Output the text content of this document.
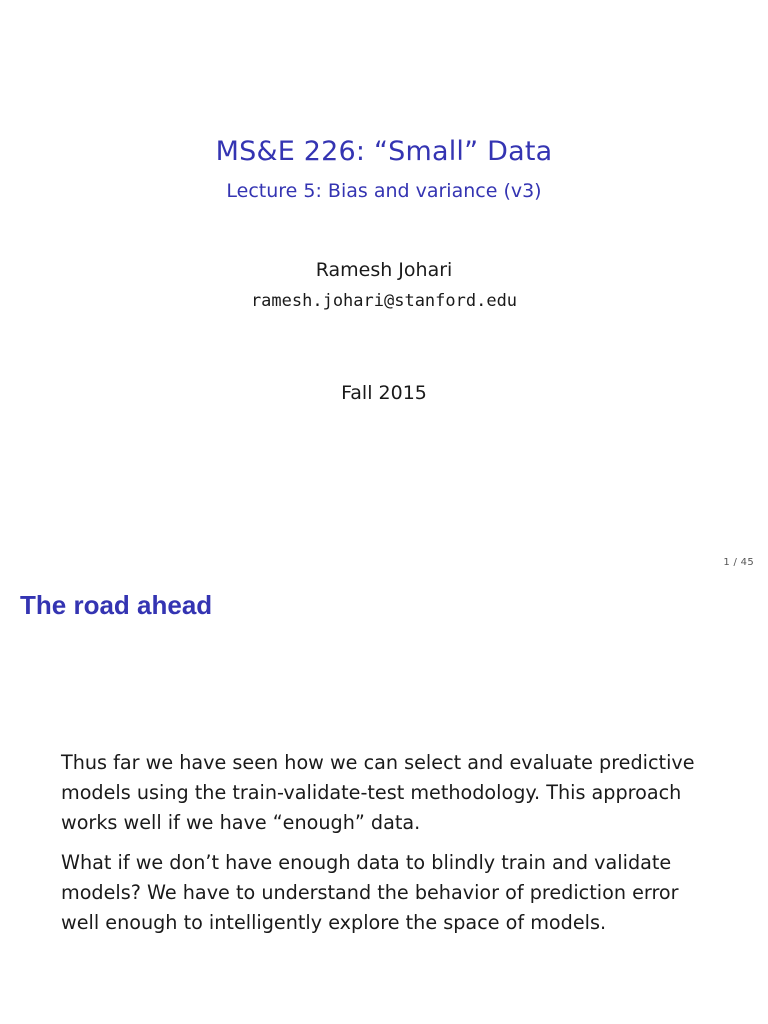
MS&E 226: “Small” Data
Lecture 5: Bias and variance (v3)
Ramesh Johari
ramesh.johari@stanford.edu
Fall 2015
1 / 45
The road ahead

Thus far we have seen how we can select and evaluate predictive
models using the train-validate-test methodology. This approach
works well if we have “enough” data.

What if we don’t have enough data to blindly train and validate
models? We have to understand the behavior of prediction error
well enough to intelligently explore the space of models.
